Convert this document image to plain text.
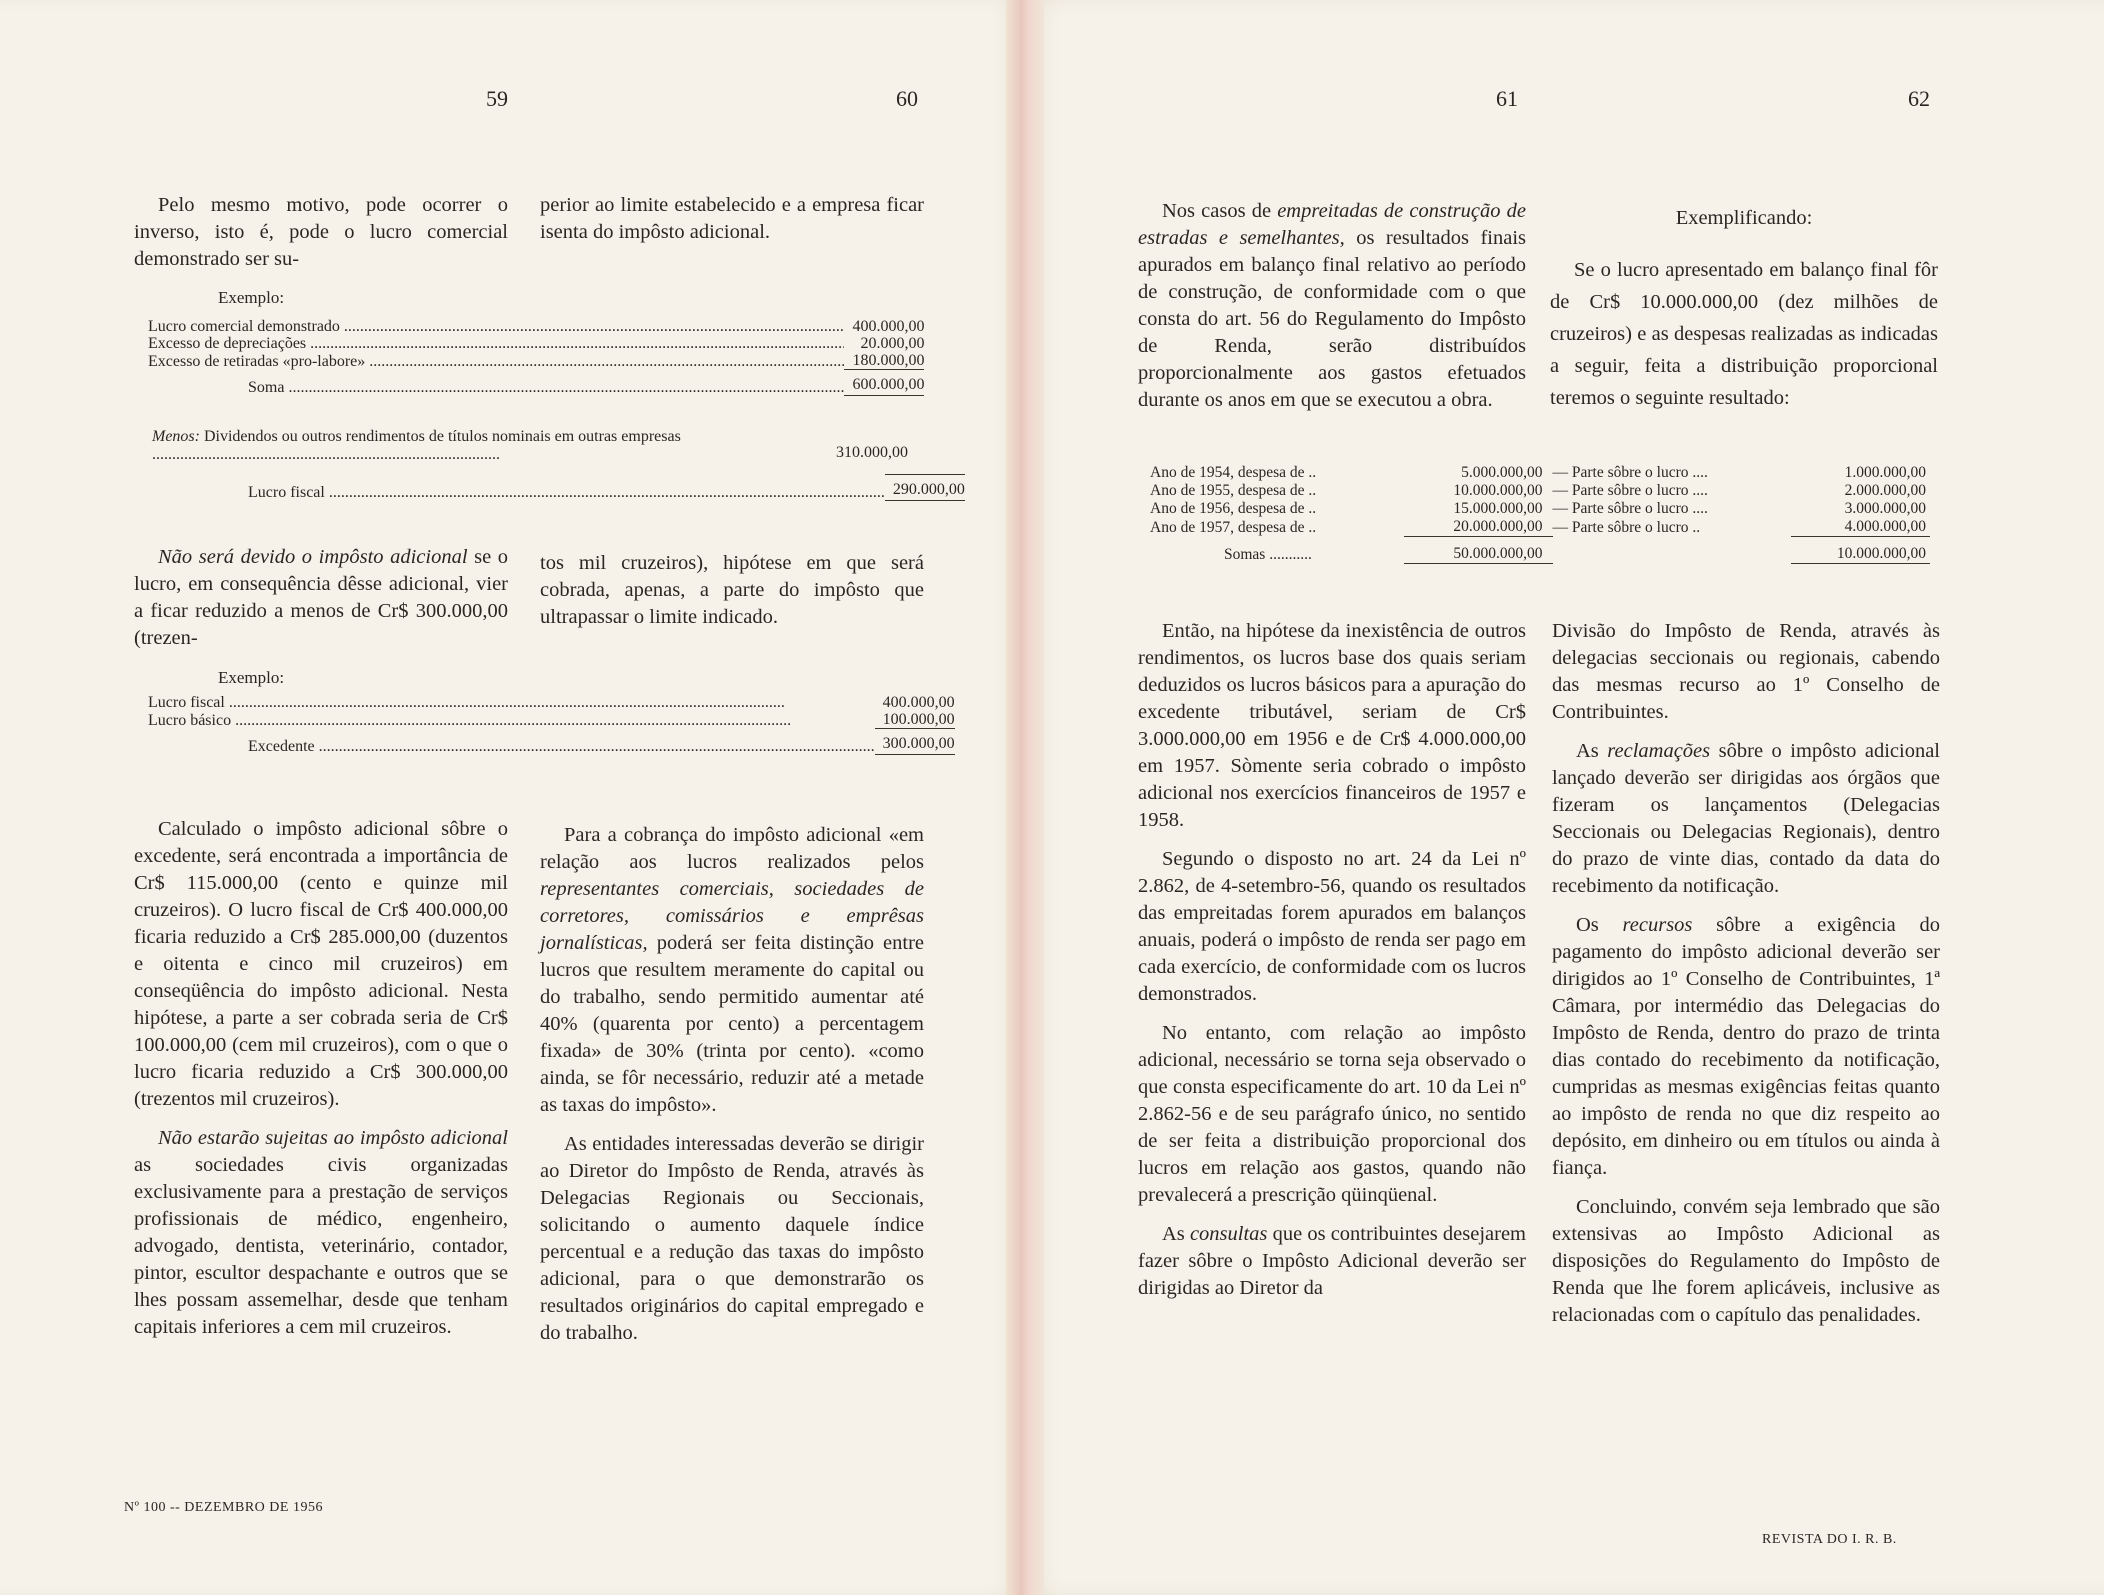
59	60	61	62

Pelo mesmo motivo, pode ocorrer o inverso, isto é, pode o lucro comercial demonstrado ser su-

perior ao limite estabelecido e a empresa ficar isenta do impôsto adicional.

Exemplo:
Lucro comercial demonstrado .....	400.000,00
Excesso de depreciações .....	20.000,00
Excesso de retiradas «pro-labore» .....	180.000,00
Soma .....	600.000,00
Menos: Dividendos ou outros rendimentos de títulos nominais em outras empresas .....
310.000,00
Lucro fiscal .....	290.000,00

Não será devido o impôsto adicional se o lucro, em consequência dêsse adicional, vier a ficar reduzido a menos de Cr$ 300.000,00 (trezen-

tos mil cruzeiros), hipótese em que será cobrada, apenas, a parte do impôsto que ultrapassar o limite indicado.

Exemplo:
Lucro fiscal .....	400.000,00
Lucro básico .....	100.000,00
Excedente .....	300.000,00

Calculado o impôsto adicional sôbre o excedente, será encontrada a importância de Cr$ 115.000,00 (cento e quinze mil cruzeiros). O lucro fiscal de Cr$ 400.000,00 ficaria reduzido a Cr$ 285.000,00 (duzentos e oitenta e cinco mil cruzeiros) em conseqüência do impôsto adicional. Nesta hipótese, a parte a ser cobrada seria de Cr$ 100.000,00 (cem mil cruzeiros), com o que o lucro ficaria reduzido a Cr$ 300.000,00 (trezentos mil cruzeiros).

Não estarão sujeitas ao impôsto adicional as sociedades civis organizadas exclusivamente para a prestação de serviços profissionais de médico, engenheiro, advogado, dentista, veterinário, contador, pintor, escultor despachante e outros que se lhes possam assemelhar, desde que tenham capitais inferiores a cem mil cruzeiros.

Para a cobrança do impôsto adicional «em relação aos lucros realizados pelos representantes comerciais, sociedades de corretores, comissários e emprêsas jornalísticas, poderá ser feita distinção entre lucros que resultem meramente do capital ou do trabalho, sendo permitido aumentar até 40% (quarenta por cento) a percentagem fixada» de 30% (trinta por cento). «como ainda, se fôr necessário, reduzir até a metade as taxas do impôsto».

As entidades interessadas deverão se dirigir ao Diretor do Impôsto de Renda, através às Delegacias Regionais ou Seccionais, solicitando o aumento daquele índice percentual e a redução das taxas do impôsto adicional, para o que demonstrarão os resultados originários do capital empregado e do trabalho.

Nº 100 -- DEZEMBRO DE 1956

Nos casos de empreitadas de construção de estradas e semelhantes, os resultados finais apurados em balanço final relativo ao período de construção, de conformidade com o que consta do art. 56 do Regulamento do Impôsto de Renda, serão distribuídos proporcionalmente aos gastos efetuados durante os anos em que se executou a obra.

Exemplificando:

Se o lucro apresentado em balanço final fôr de Cr$ 10.000.000,00 (dez milhões de cruzeiros) e as despesas realizadas as indicadas a seguir, feita a distribuição proporcional teremos o seguinte resultado:

Ano de 1954, despesa de ..	5.000.000,00	— Parte sôbre o lucro ....	1.000.000,00
Ano de 1955, despesa de ..	10.000.000,00	— Parte sôbre o lucro ....	2.000.000,00
Ano de 1956, despesa de ..	15.000.000,00	— Parte sôbre o lucro ....	3.000.000,00
Ano de 1957, despesa de ..	20.000.000,00	— Parte sôbre o lucro ..	4.000.000,00
Somas ...........	50.000.000,00		10.000.000,00

Então, na hipótese da inexistência de outros rendimentos, os lucros base dos quais seriam deduzidos os lucros básicos para a apuração do excedente tributável, seriam de Cr$ 3.000.000,00 em 1956 e de Cr$ 4.000.000,00 em 1957. Sòmente seria cobrado o impôsto adicional nos exercícios financeiros de 1957 e 1958.

Segundo o disposto no art. 24 da Lei nº 2.862, de 4-setembro-56, quando os resultados das empreitadas forem apurados em balanços anuais, poderá o impôsto de renda ser pago em cada exercício, de conformidade com os lucros demonstrados.

No entanto, com relação ao impôsto adicional, necessário se torna seja observado o que consta especificamente do art. 10 da Lei nº 2.862-56 e de seu parágrafo único, no sentido de ser feita a distribuição proporcional dos lucros em relação aos gastos, quando não prevalecerá a prescrição qüinqüenal.

As consultas que os contribuintes desejarem fazer sôbre o Impôsto Adicional deverão ser dirigidas ao Diretor da

Divisão do Impôsto de Renda, através às delegacias seccionais ou regionais, cabendo das mesmas recurso ao 1º Conselho de Contribuintes.

As reclamações sôbre o impôsto adicional lançado deverão ser dirigidas aos órgãos que fizeram os lançamentos (Delegacias Seccionais ou Delegacias Regionais), dentro do prazo de vinte dias, contado da data do recebimento da notificação.

Os recursos sôbre a exigência do pagamento do impôsto adicional deverão ser dirigidos ao 1º Conselho de Contribuintes, 1ª Câmara, por intermédio das Delegacias do Impôsto de Renda, dentro do prazo de trinta dias contado do recebimento da notificação, cumpridas as mesmas exigências feitas quanto ao impôsto de renda no que diz respeito ao depósito, em dinheiro ou em títulos ou ainda à fiança.

Concluindo, convém seja lembrado que são extensivas ao Impôsto Adicional as disposições do Regulamento do Impôsto de Renda que lhe forem aplicáveis, inclusive as relacionadas com o capítulo das penalidades.

REVISTA DO I. R. B.
